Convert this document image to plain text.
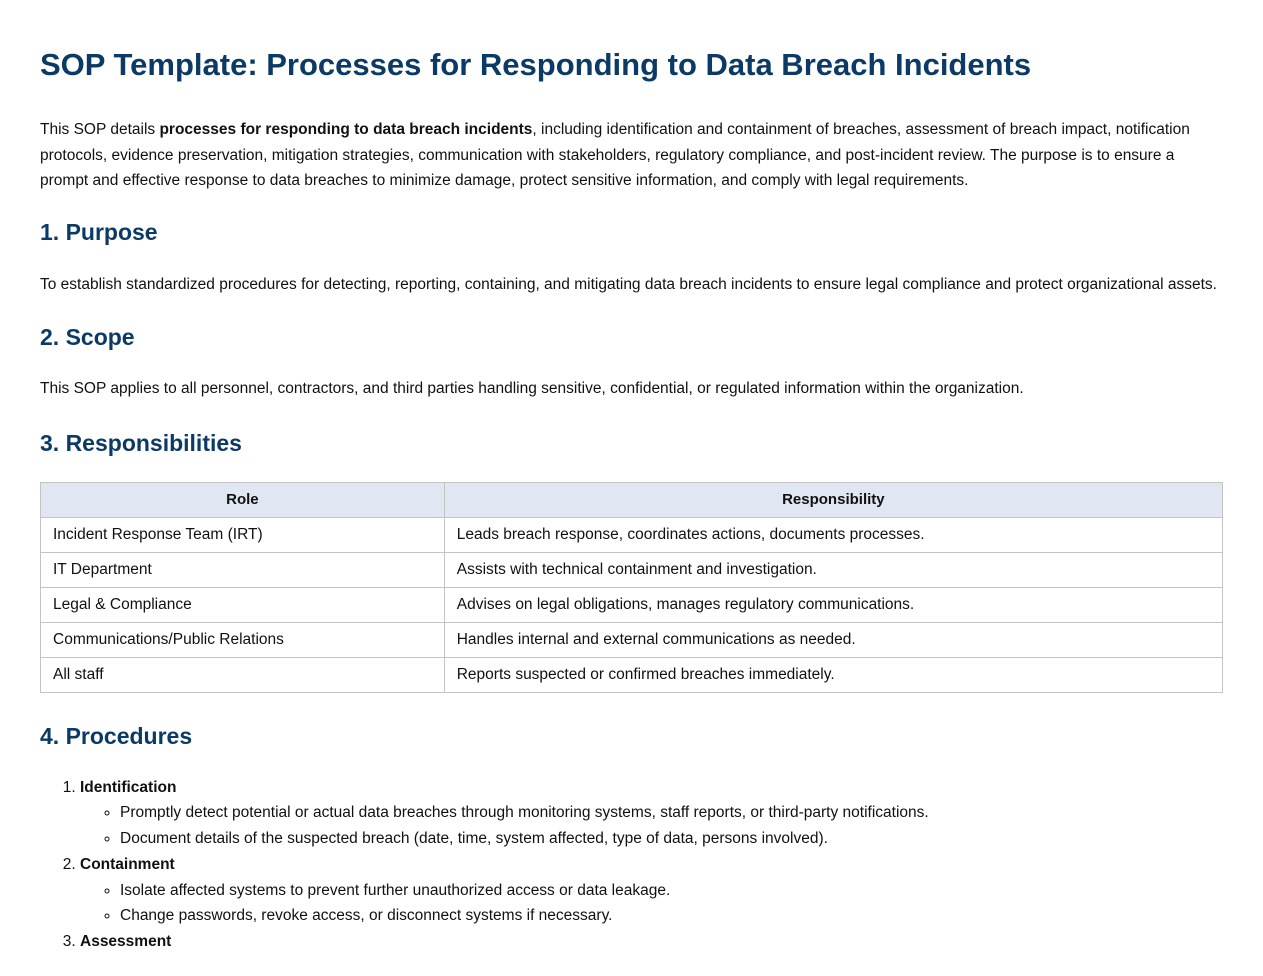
SOP Template: Processes for Responding to Data Breach Incidents

This SOP details processes for responding to data breach incidents, including identification and containment of breaches, assessment of breach impact, notification protocols, evidence preservation, mitigation strategies, communication with stakeholders, regulatory compliance, and post-incident review. The purpose is to ensure a prompt and effective response to data breaches to minimize damage, protect sensitive information, and comply with legal requirements.

1. Purpose

To establish standardized procedures for detecting, reporting, containing, and mitigating data breach incidents to ensure legal compliance and protect organizational assets.

2. Scope

This SOP applies to all personnel, contractors, and third parties handling sensitive, confidential, or regulated information within the organization.

3. Responsibilities
Role	Responsibility
Incident Response Team (IRT)	Leads breach response, coordinates actions, documents processes.
IT Department	Assists with technical containment and investigation.
Legal & Compliance	Advises on legal obligations, manages regulatory communications.
Communications/Public Relations	Handles internal and external communications as needed.
All staff	Reports suspected or confirmed breaches immediately.
4. Procedures
1. Identification
◦ Promptly detect potential or actual data breaches through monitoring systems, staff reports, or third-party notifications.
◦ Document details of the suspected breach (date, time, system affected, type of data, persons involved).
2. Containment
◦ Isolate affected systems to prevent further unauthorized access or data leakage.
◦ Change passwords, revoke access, or disconnect systems if necessary.
3. Assessment
